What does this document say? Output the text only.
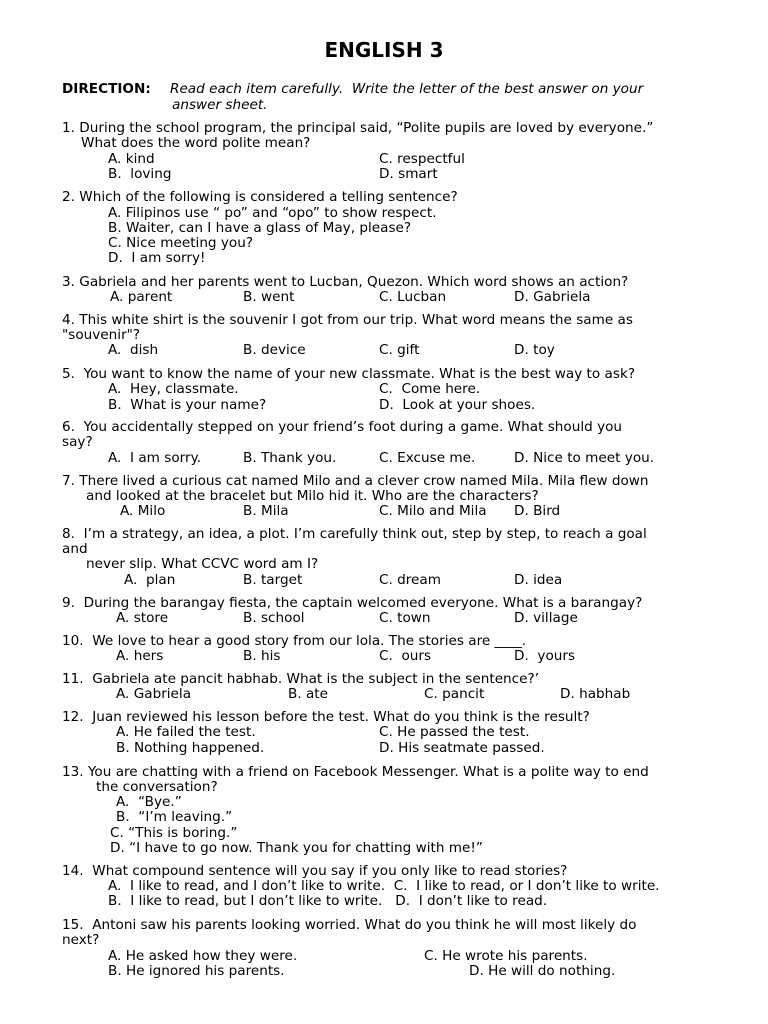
ENGLISH 3
DIRECTION: Read each item carefully.  Write the letter of the best answer on your
answer sheet.
1. During the school program, the principal said, “Polite pupils are loved by everyone.”
What does the word polite mean?
A. kind	C. respectful
B.  loving	D. smart
2. Which of the following is considered a telling sentence?
A. Filipinos use “ po” and “opo” to show respect.
B. Waiter, can I have a glass of May, please?
C. Nice meeting you?
D.  I am sorry!
3. Gabriela and her parents went to Lucban, Quezon. Which word shows an action?
A. parent	B. went	C. Lucban	D. Gabriela
4. This white shirt is the souvenir I got from our trip. What word means the same as
"souvenir"?
A.  dish	B. device	C. gift	D. toy
5.  You want to know the name of your new classmate. What is the best way to ask?
A.  Hey, classmate.	C.  Come here.
B.  What is your name?	D.  Look at your shoes.
6.  You accidentally stepped on your friend’s foot during a game. What should you
say?
A.  I am sorry.	B. Thank you.	C. Excuse me.	D. Nice to meet you.
7. There lived a curious cat named Milo and a clever crow named Mila. Mila flew down
and looked at the bracelet but Milo hid it. Who are the characters?
A. Milo	B. Mila	C. Milo and Mila D. Bird
8.  I’m a strategy, an idea, a plot. I’m carefully think out, step by step, to reach a goal
and
never slip. What CCVC word am I?
A.  plan	B. target	C. dream	D. idea
9.  During the barangay fiesta, the captain welcomed everyone. What is a barangay?
A. store	B. school	C. town	D. village
10.  We love to hear a good story from our lola. The stories are ____.
A. hers	B. his	C.  ours	D.  yours
11.  Gabriela ate pancit habhab. What is the subject in the sentence?’
A. Gabriela	B. ate	C. pancit	D. habhab
12.  Juan reviewed his lesson before the test. What do you think is the result?
A. He failed the test.	C. He passed the test.
B. Nothing happened.	D. His seatmate passed.
13. You are chatting with a friend on Facebook Messenger. What is a polite way to end
the conversation?
A.  “Bye.”
B.  “I’m leaving.”
C. “This is boring.”
D. “I have to go now. Thank you for chatting with me!”
14.  What compound sentence will you say if you only like to read stories?
A.  I like to read, and I don’t like to write.  C.  I like to read, or I don’t like to write.
B.  I like to read, but I don’t like to write.   D.  I don’t like to read.
15.  Antoni saw his parents looking worried. What do you think he will most likely do
next?
A. He asked how they were.	C. He wrote his parents.
B. He ignored his parents.	D. He will do nothing.
